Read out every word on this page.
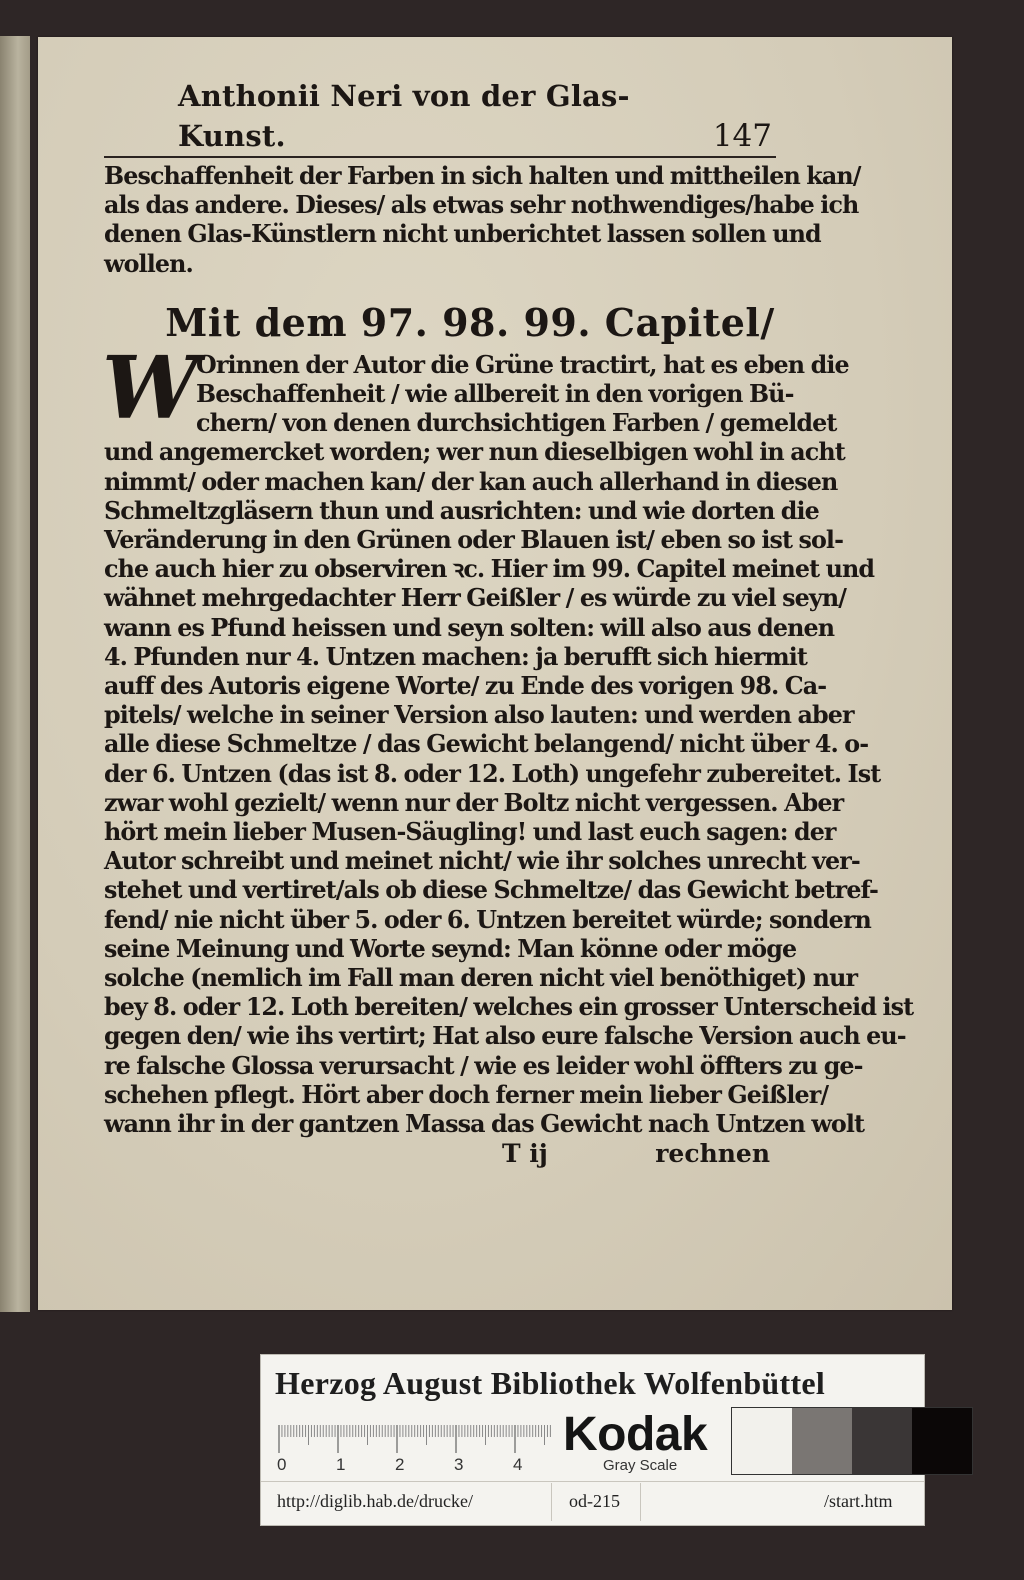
Anthonii Neri von der Glas-Kunst.	147
Beschaffenheit der Farben in sich halten und mittheilen kan/
als das andere. Dieses/ als etwas sehr nothwendiges/habe ich
denen Glas-Künstlern nicht unberichtet lassen sollen und
wollen.
Mit dem 97. 98. 99. Capitel/
W
Orinnen der Autor die Grüne tractirt, hat es eben die
Beschaffenheit / wie allbereit in den vorigen Bü-
chern/ von denen durchsichtigen Farben / gemeldet
und angemercket worden; wer nun dieselbigen wohl in acht
nimmt/ oder machen kan/ der kan auch allerhand in diesen
Schmeltzgläsern thun und ausrichten: und wie dorten die
Veränderung in den Grünen oder Blauen ist/ eben so ist sol-
che auch hier zu observiren ꝛc. Hier im 99. Capitel meinet und
wähnet mehrgedachter Herr Geißler / es würde zu viel seyn/
wann es Pfund heissen und seyn solten: will also aus denen
4. Pfunden nur 4. Untzen machen: ja berufft sich hiermit
auff des Autoris eigene Worte/ zu Ende des vorigen 98. Ca-
pitels/ welche in seiner Version also lauten: und werden aber
alle diese Schmeltze / das Gewicht belangend/ nicht über 4. o-
der 6. Untzen (das ist 8. oder 12. Loth) ungefehr zubereitet. Ist
zwar wohl gezielt/ wenn nur der Boltz nicht vergessen. Aber
hört mein lieber Musen-Säugling! und last euch sagen: der
Autor schreibt und meinet nicht/ wie ihr solches unrecht ver-
stehet und vertiret/als ob diese Schmeltze/ das Gewicht betref-
fend/ nie nicht über 5. oder 6. Untzen bereitet würde; sondern
seine Meinung und Worte seynd: Man könne oder möge
solche (nemlich im Fall man deren nicht viel benöthiget) nur
bey 8. oder 12. Loth bereiten/ welches ein grosser Unterscheid ist
gegen den/ wie ihs vertirt; Hat also eure falsche Version auch eu-
re falsche Glossa verursacht / wie es leider wohl öffters zu ge-
schehen pflegt. Hört aber doch ferner mein lieber Geißler/
wann ihr in der gantzen Massa das Gewicht nach Untzen wolt
T ij	rechnen
Herzog August Bibliothek Wolfenbüttel
0	1	2	3	4
Kodak
Gray Scale
http://diglib.hab.de/drucke/	od-215	/start.htm
